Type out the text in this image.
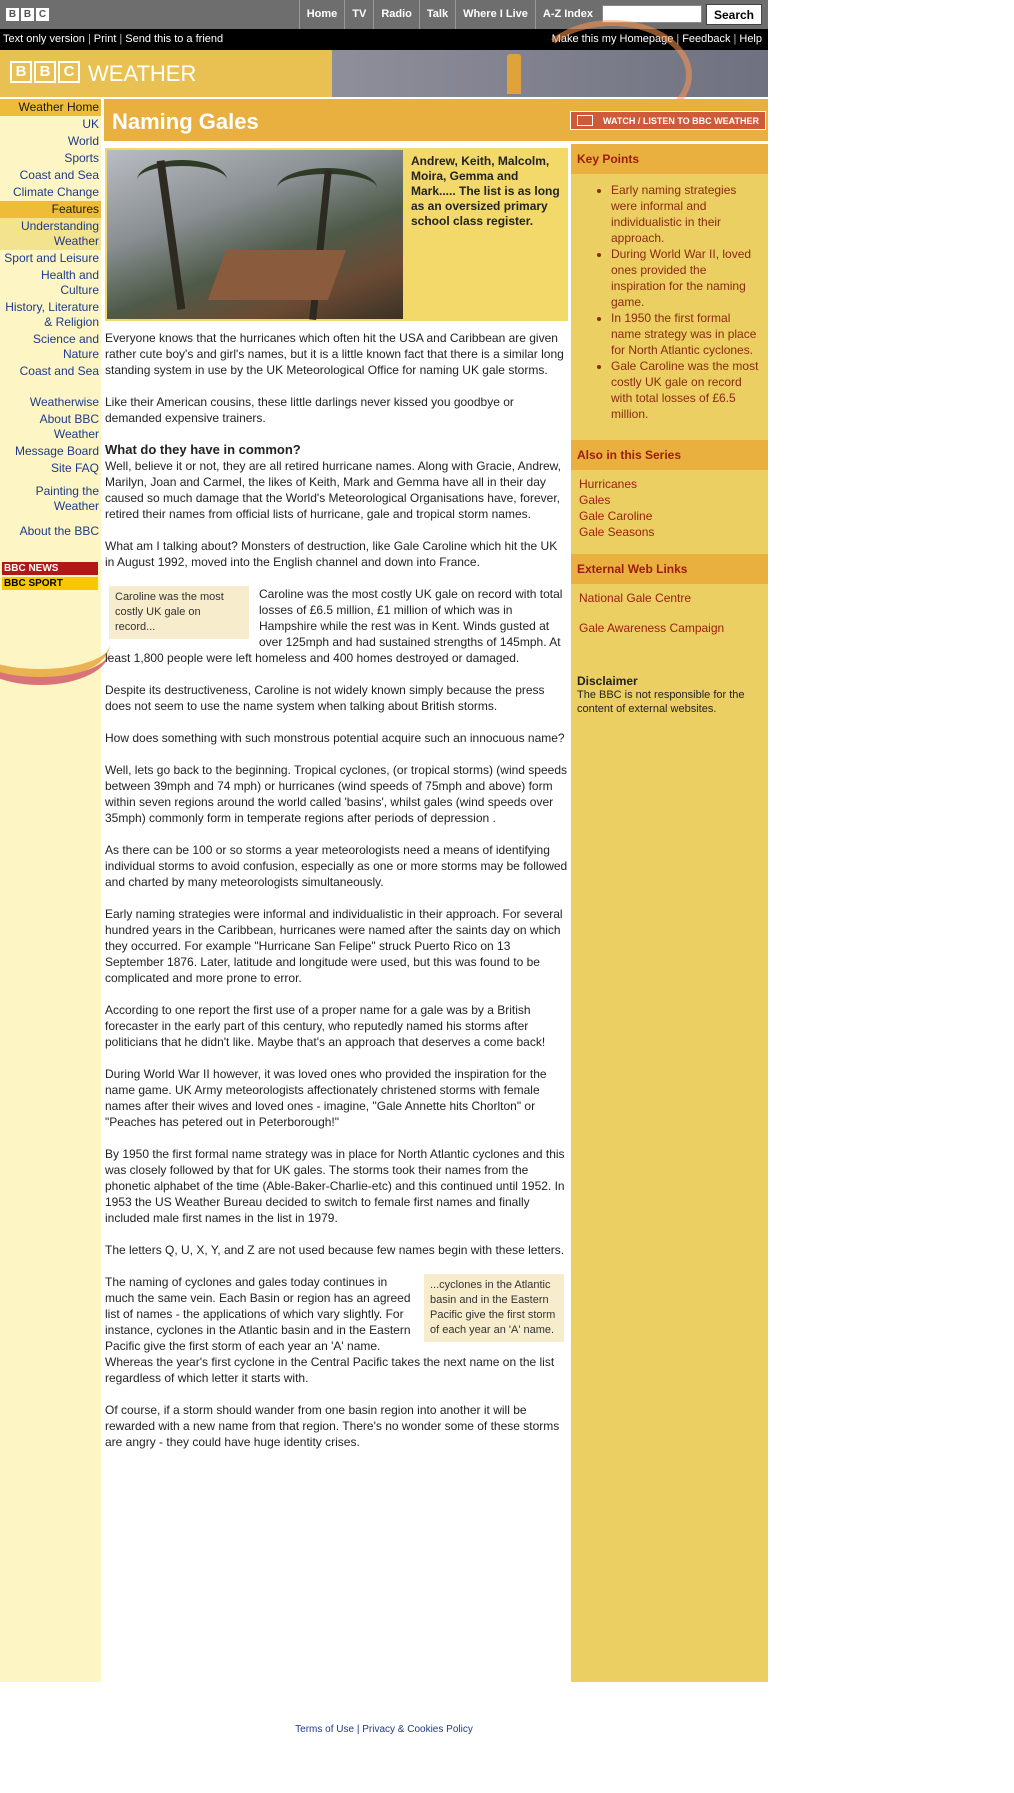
B B C	Home	TV	Radio	Talk	Where I Live	A-Z Index	Search
Text only version | Print | Send this to a friend	Make this my Homepage | Feedback | Help
B B C WEATHER	Photo of the week
Weather Home
UK
World
Sports
Coast and Sea
Climate Change
Features
Understanding Weather
Sport and Leisure
Health and Culture
History, Literature & Religion
Science and Nature
Coast and Sea
Weatherwise
About BBC Weather
Message Board
Site FAQ
Painting the Weather
About the BBC
BBC NEWS
BBC SPORT
Naming Gales	WATCH / LISTEN TO BBC WEATHER
Andrew, Keith, Malcolm, Moira, Gemma and Mark..... The list is as long as an oversized primary school class register.

Everyone knows that the hurricanes which often hit the USA and Caribbean are given rather cute boy's and girl's names, but it is a little known fact that there is a similar long standing system in use by the UK Meteorological Office for naming UK gale storms.

Like their American cousins, these little darlings never kissed you goodbye or demanded expensive trainers.

What do they have in common?

Well, believe it or not, they are all retired hurricane names. Along with Gracie, Andrew, Marilyn, Joan and Carmel, the likes of Keith, Mark and Gemma have all in their day caused so much damage that the World's Meteorological Organisations have, forever, retired their names from official lists of hurricane, gale and tropical storm names.

What am I talking about? Monsters of destruction, like Gale Caroline which hit the UK in August 1992, moved into the English channel and down into France.

Caroline was the most costly UK gale on record...

Caroline was the most costly UK gale on record with total losses of £6.5 million, £1 million of which was in Hampshire while the rest was in Kent. Winds gusted at over 125mph and had sustained strengths of 145mph. At least 1,800 people were left homeless and 400 homes destroyed or damaged.

Despite its destructiveness, Caroline is not widely known simply because the press does not seem to use the name system when talking about British storms.

How does something with such monstrous potential acquire such an innocuous name?

Well, lets go back to the beginning. Tropical cyclones, (or tropical storms) (wind speeds between 39mph and 74 mph) or hurricanes (wind speeds of 75mph and above) form within seven regions around the world called 'basins', whilst gales (wind speeds over 35mph) commonly form in temperate regions after periods of depression .

As there can be 100 or so storms a year meteorologists need a means of identifying individual storms to avoid confusion, especially as one or more storms may be followed and charted by many meteorologists simultaneously.

Early naming strategies were informal and individualistic in their approach. For several hundred years in the Caribbean, hurricanes were named after the saints day on which they occurred. For example "Hurricane San Felipe" struck Puerto Rico on 13 September 1876. Later, latitude and longitude were used, but this was found to be complicated and more prone to error.

According to one report the first use of a proper name for a gale was by a British forecaster in the early part of this century, who reputedly named his storms after politicians that he didn't like. Maybe that's an approach that deserves a come back!

During World War II however, it was loved ones who provided the inspiration for the name game. UK Army meteorologists affectionately christened storms with female names after their wives and loved ones - imagine, "Gale Annette hits Chorlton" or "Peaches has petered out in Peterborough!"

By 1950 the first formal name strategy was in place for North Atlantic cyclones and this was closely followed by that for UK gales. The storms took their names from the phonetic alphabet of the time (Able-Baker-Charlie-etc) and this continued until 1952. In 1953 the US Weather Bureau decided to switch to female first names and finally included male first names in the list in 1979.

The letters Q, U, X, Y, and Z are not used because few names begin with these letters.

...cyclones in the Atlantic basin and in the Eastern Pacific give the first storm of each year an 'A' name.

The naming of cyclones and gales today continues in much the same vein. Each Basin or region has an agreed list of names - the applications of which vary slightly. For instance, cyclones in the Atlantic basin and in the Eastern Pacific give the first storm of each year an 'A' name. Whereas the year's first cyclone in the Central Pacific takes the next name on the list regardless of which letter it starts with.

Of course, if a storm should wander from one basin region into another it will be rewarded with a new name from that region. There's no wonder some of these storms are angry - they could have huge identity crises.

Key Points
• Early naming strategies were informal and individualistic in their approach.
• During World War II, loved ones provided the inspiration for the naming game.
• In 1950 the first formal name strategy was in place for North Atlantic cyclones.
• Gale Caroline was the most costly UK gale on record with total losses of £6.5 million.
Also in this Series
Hurricanes
Gales
Gale Caroline
Gale Seasons
External Web Links
National Gale Centre
Gale Awareness Campaign
Disclaimer
The BBC is not responsible for the content of external websites.
Terms of Use | Privacy & Cookies Policy
